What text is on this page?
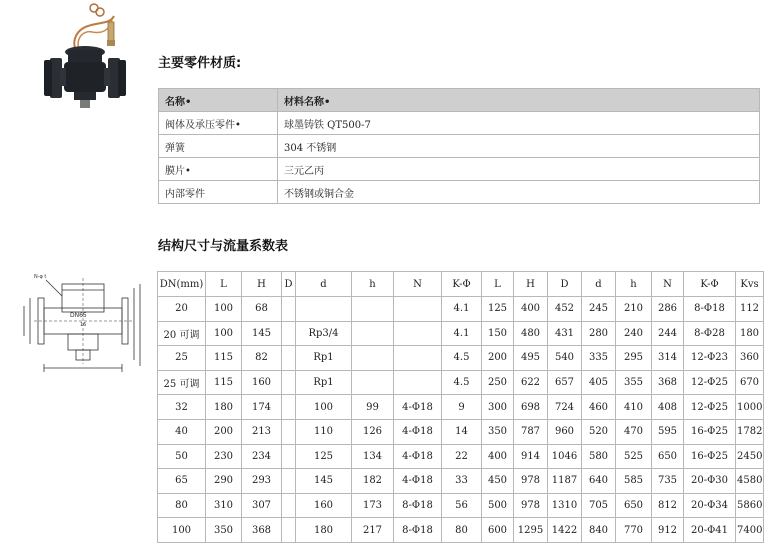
N-φ t
DN65
16
主要零件材质:
名称•	材料名称•
阀体及承压零件•	球墨铸铁 QT500-7
弹簧	304 不锈钢
膜片•	三元乙丙
内部零件	不锈钢或铜合金
结构尺寸与流量系数表
DN(mm)	L	H	D	d	h	N	K-Φ	L	H	D	d	h	N	K-Φ	Kvs
20	100	68					4.1	125	400	452	245	210	286	8-Φ18	112
20 可调	100	145		Rp3/4			4.1	150	480	431	280	240	244	8-Φ28	180
25	115	82		Rp1			4.5	200	495	540	335	295	314	12-Φ23	360
25 可调	115	160		Rp1			4.5	250	622	657	405	355	368	12-Φ25	670
32	180	174		100	99	4-Φ18	9	300	698	724	460	410	408	12-Φ25	1000
40	200	213		110	126	4-Φ18	14	350	787	960	520	470	595	16-Φ25	1782
50	230	234		125	134	4-Φ18	22	400	914	1046	580	525	650	16-Φ25	2450
65	290	293		145	182	4-Φ18	33	450	978	1187	640	585	735	20-Φ30	4580
80	310	307		160	173	8-Φ18	56	500	978	1310	705	650	812	20-Φ34	5860
100	350	368		180	217	8-Φ18	80	600	1295	1422	840	770	912	20-Φ41	7400
